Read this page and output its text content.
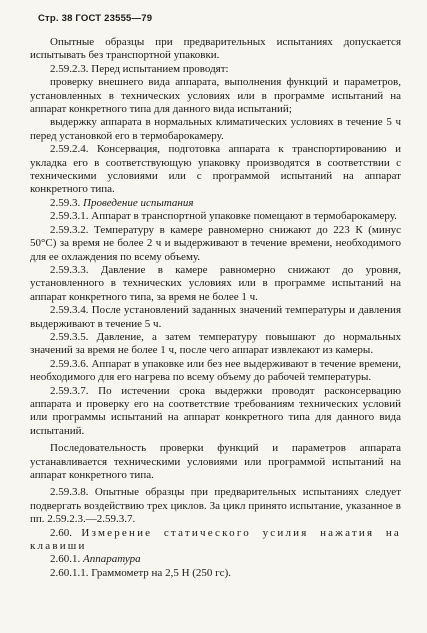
Стр. 38 ГОСТ 23555—79

Опытные образцы при предварительных испытаниях допускается испытывать без транспортной упаковки.

2.59.2.3. Перед испытанием проводят:

проверку внешнего вида аппарата, выполнения функций и параметров, установленных в технических условиях или в программе испытаний на аппарат конкретного типа для данного вида испытаний;

выдержку аппарата в нормальных климатических условиях в течение 5 ч перед установкой его в термобарокамеру.

2.59.2.4. Консервация, подготовка аппарата к транспортированию и укладка его в соответствующую упаковку производятся в соответствии с техническими условиями или с программой испытаний на аппарат конкретного типа.

2.59.3. Проведение испытания

2.59.3.1. Аппарат в транспортной упаковке помещают в термобарокамеру.

2.59.3.2. Температуру в камере равномерно снижают до 223 К (минус 50°С) за время не более 2 ч и выдерживают в течение времени, необходимого для ее охлаждения по всему объему.

2.59.3.3. Давление в камере равномерно снижают до уровня, установленного в технических условиях или в программе испытаний на аппарат конкретного типа, за время не более 1 ч.

2.59.3.4. После установлений заданных значений температуры и давления выдерживают в течение 5 ч.

2.59.3.5. Давление, а затем температуру повышают до нормальных значений за время не более 1 ч, после чего аппарат извлекают из камеры.

2.59.3.6. Аппарат в упаковке или без нее выдерживают в течение времени, необходимого для его нагрева по всему объему до рабочей температуры.

2.59.3.7. По истечении срока выдержки проводят расконсервацию аппарата и проверку его на соответствие требованиям технических условий или программы испытаний на аппарат конкретного типа для данного вида испытаний.

Последовательность проверки функций и параметров аппарата устанавливается техническими условиями или программой испытаний на аппарат конкретного типа.

2.59.3.8. Опытные образцы при предварительных испытаниях следует подвергать воздействию трех циклов. За цикл принято испытание, указанное в пп. 2.59.2.3.—2.59.3.7.

2.60. Измерение статического усилия нажатия на клавиши

2.60.1. Аппаратура

2.60.1.1. Граммометр на 2,5 Н (250 гс).
